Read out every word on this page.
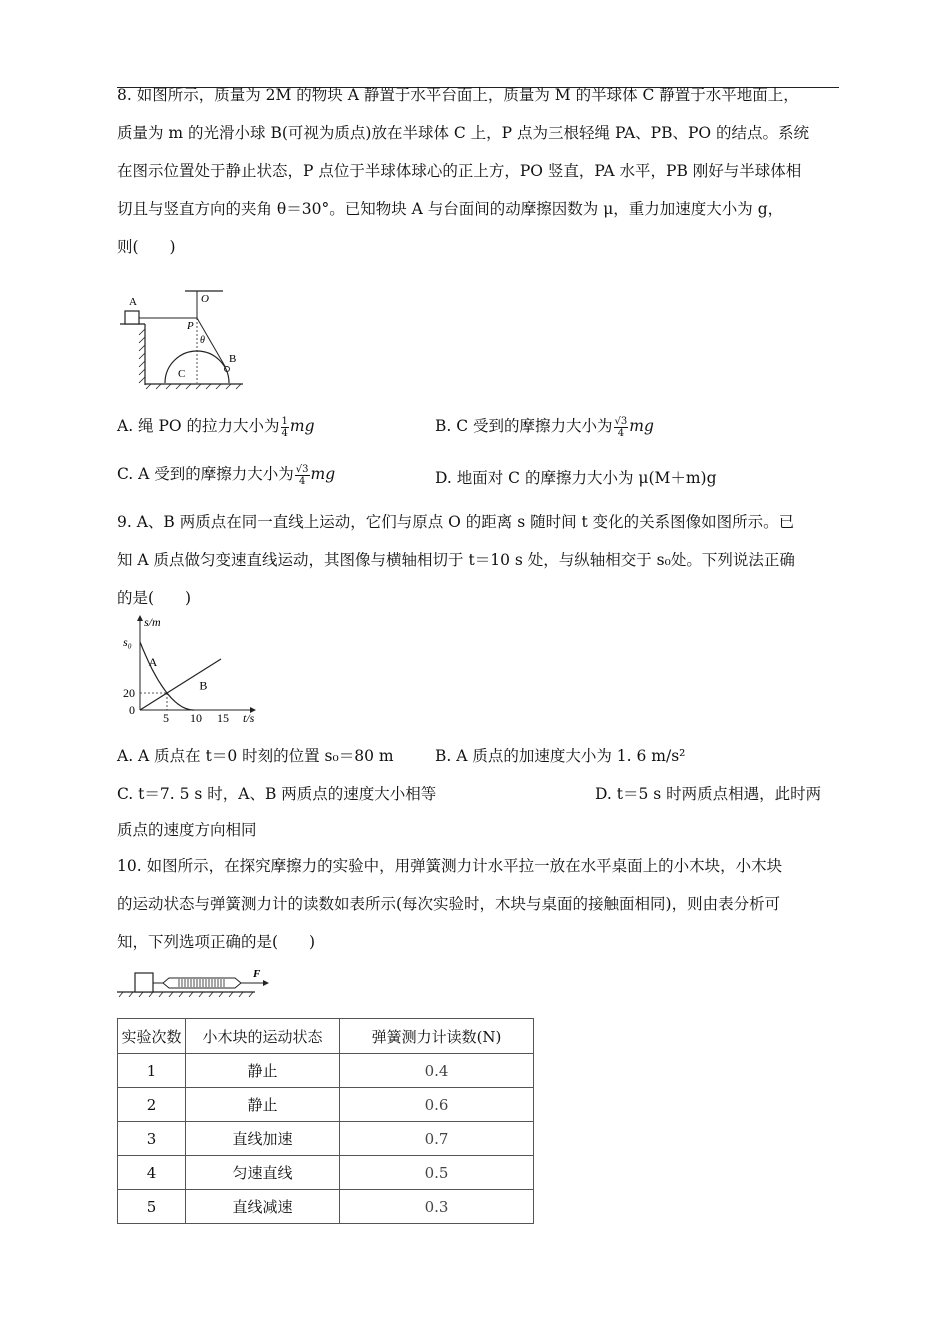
8. 如图所示，质量为 2M 的物块 A 静置于水平台面上，质量为 M 的半球体 C 静置于水平地面上，
质量为 m 的光滑小球 B(可视为质点)放在半球体 C 上，P 点为三根轻绳 PA、PB、PO 的结点。系统
在图示位置处于静止状态，P 点位于半球体球心的正上方，PO 竖直，PA 水平，PB 刚好与半球体相
切且与竖直方向的夹角 θ＝30°。已知物块 A 与台面间的动摩擦因数为 μ，重力加速度大小为 g，
则(　　)
A	O
P
θ
B
C
A. 绳 PO 的拉力大小为 $\frac{1}{4}$ mg	B. C 受到的摩擦力大小为 $\frac{√3}{4}$ mg
C. A 受到的摩擦力大小为 $\frac{√3}{4}$ mg	D. 地面对 C 的摩擦力大小为 μ(M＋m)g
9. A、B 两质点在同一直线上运动，它们与原点 O 的距离 s 随时间 t 变化的关系图像如图所示。已
知 A 质点做匀变速直线运动，其图像与横轴相切于 t＝10 s 处，与纵轴相交于 s₀处。下列说法正确
的是(　　)
s/m
t/s
5 10 15
0
20
s₀
A
B
A. A 质点在 t＝0 时刻的位置 s₀＝80 m	B. A 质点的加速度大小为 1. 6 m/s²
C. t＝7. 5 s 时，A、B 两质点的速度大小相等	D. t＝5 s 时两质点相遇，此时两
质点的速度方向相同
10. 如图所示，在探究摩擦力的实验中，用弹簧测力计水平拉一放在水平桌面上的小木块，小木块
的运动状态与弹簧测力计的读数如表所示(每次实验时，木块与桌面的接触面相同)，则由表分析可
知，下列选项正确的是(　　)
F
实验次数	小木块的运动状态	弹簧测力计读数(N)
1	静止	0.4
2	静止	0.6
3	直线加速	0.7
4	匀速直线	0.5
5	直线减速	0.3
